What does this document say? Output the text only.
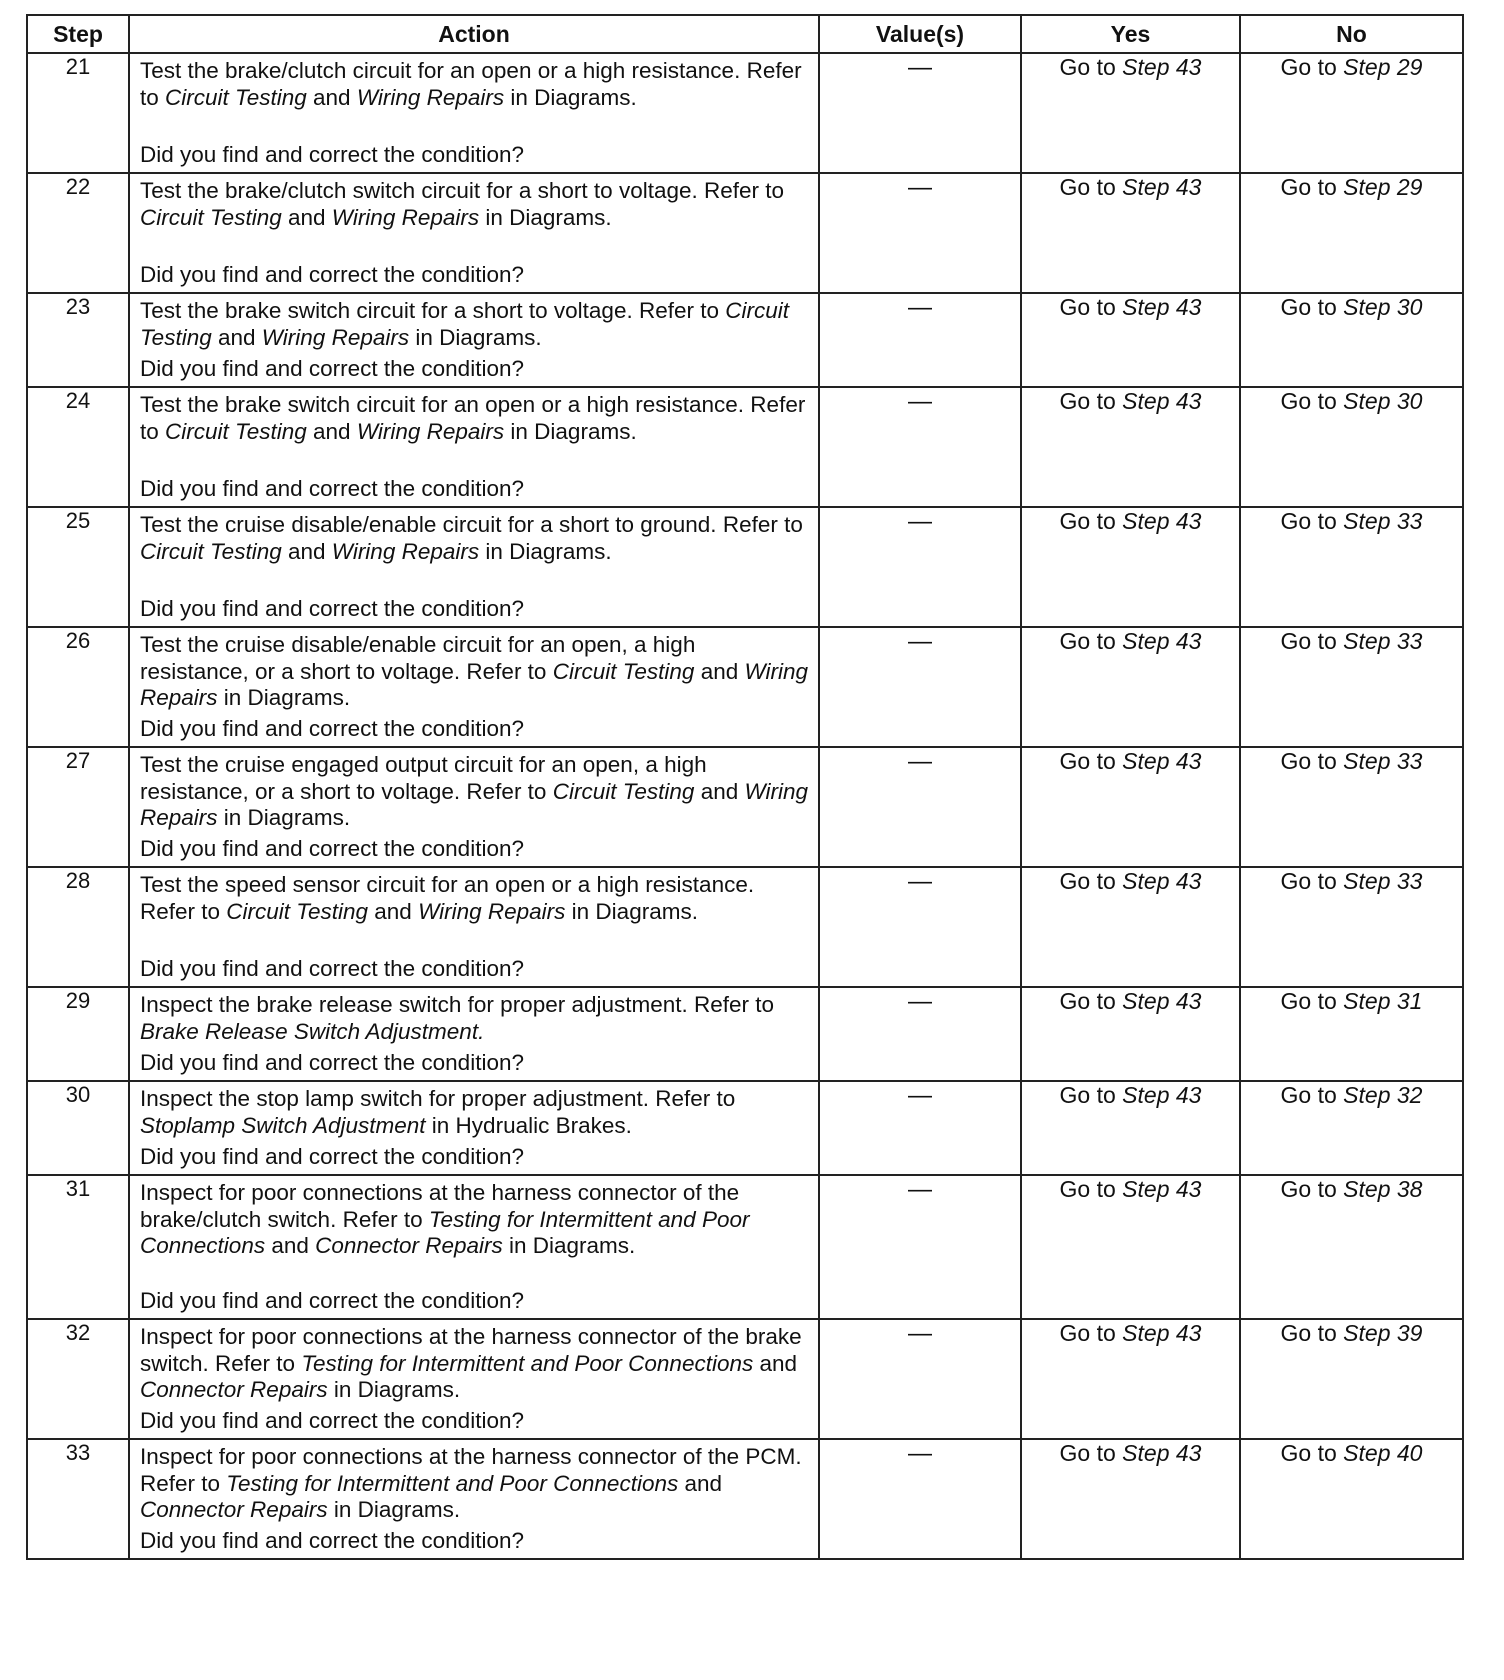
Step	Action	Value(s)	Yes	No
21	Test the brake/clutch circuit for an open or a high resistance. Refer to Circuit Testing and Wiring Repairs in Diagrams.
Did you find and correct the condition?	—	Go to Step 43	Go to Step 29
22	Test the brake/clutch switch circuit for a short to voltage. Refer to Circuit Testing and Wiring Repairs in Diagrams.
Did you find and correct the condition?	—	Go to Step 43	Go to Step 29
23	Test the brake switch circuit for a short to voltage. Refer to Circuit Testing and Wiring Repairs in Diagrams.
Did you find and correct the condition?	—	Go to Step 43	Go to Step 30
24	Test the brake switch circuit for an open or a high resistance. Refer to Circuit Testing and Wiring Repairs in Diagrams.
Did you find and correct the condition?	—	Go to Step 43	Go to Step 30
25	Test the cruise disable/enable circuit for a short to ground. Refer to Circuit Testing and Wiring Repairs in Diagrams.
Did you find and correct the condition?	—	Go to Step 43	Go to Step 33
26	Test the cruise disable/enable circuit for an open, a high resistance, or a short to voltage. Refer to Circuit Testing and Wiring Repairs in Diagrams.
Did you find and correct the condition?	—	Go to Step 43	Go to Step 33
27	Test the cruise engaged output circuit for an open, a high resistance, or a short to voltage. Refer to Circuit Testing and Wiring Repairs in Diagrams.
Did you find and correct the condition?	—	Go to Step 43	Go to Step 33
28	Test the speed sensor circuit for an open or a high resistance. Refer to Circuit Testing and Wiring Repairs in Diagrams.
Did you find and correct the condition?	—	Go to Step 43	Go to Step 33
29	Inspect the brake release switch for proper adjustment. Refer to Brake Release Switch Adjustment.
Did you find and correct the condition?	—	Go to Step 43	Go to Step 31
30	Inspect the stop lamp switch for proper adjustment. Refer to Stoplamp Switch Adjustment in Hydrualic Brakes.
Did you find and correct the condition?	—	Go to Step 43	Go to Step 32
31	Inspect for poor connections at the harness connector of the brake/clutch switch. Refer to Testing for Intermittent and Poor Connections and Connector Repairs in Diagrams.
Did you find and correct the condition?	—	Go to Step 43	Go to Step 38
32	Inspect for poor connections at the harness connector of the brake switch. Refer to Testing for Intermittent and Poor Connections and Connector Repairs in Diagrams.
Did you find and correct the condition?	—	Go to Step 43	Go to Step 39
33	Inspect for poor connections at the harness connector of the PCM. Refer to Testing for Intermittent and Poor Connections and Connector Repairs in Diagrams.
Did you find and correct the condition?	—	Go to Step 43	Go to Step 40
